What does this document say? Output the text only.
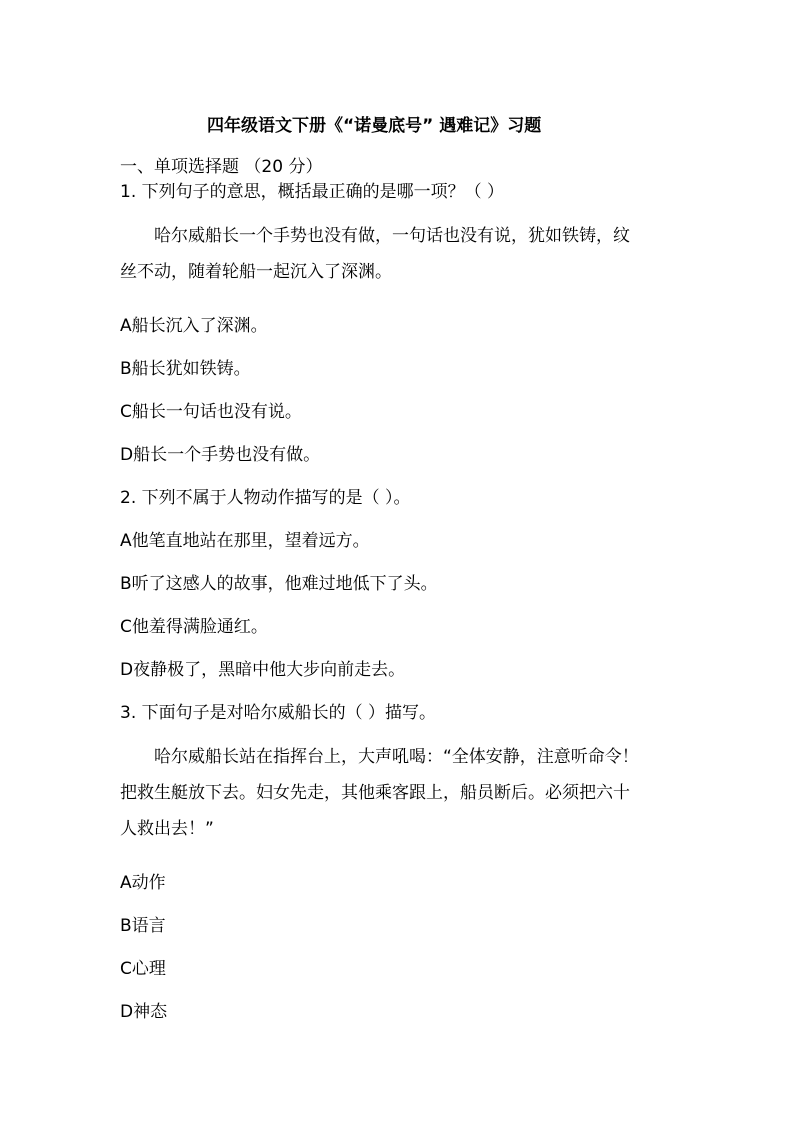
四年级语文下册《“诺曼底号” 遇难记》习题
一、单项选择题 （20 分）
1. 下列句子的意思，概括最正确的是哪一项？（ ）
哈尔威船长一个手势也没有做，一句话也没有说，犹如铁铸，纹
丝不动，随着轮船一起沉入了深渊。
A船长沉入了深渊。
B船长犹如铁铸。
C船长一句话也没有说。
D船长一个手势也没有做。
2. 下列不属于人物动作描写的是（ ）。
A他笔直地站在那里，望着远方。
B听了这感人的故事，他难过地低下了头。
C他羞得满脸通红。
D夜静极了，黑暗中他大步向前走去。
3. 下面句子是对哈尔威船长的（ ）描写。
哈尔威船长站在指挥台上，大声吼喝：“全体安静，注意听命令！
把救生艇放下去。妇女先走，其他乘客跟上，船员断后。必须把六十
人救出去！”
A动作
B语言
C心理
D神态
